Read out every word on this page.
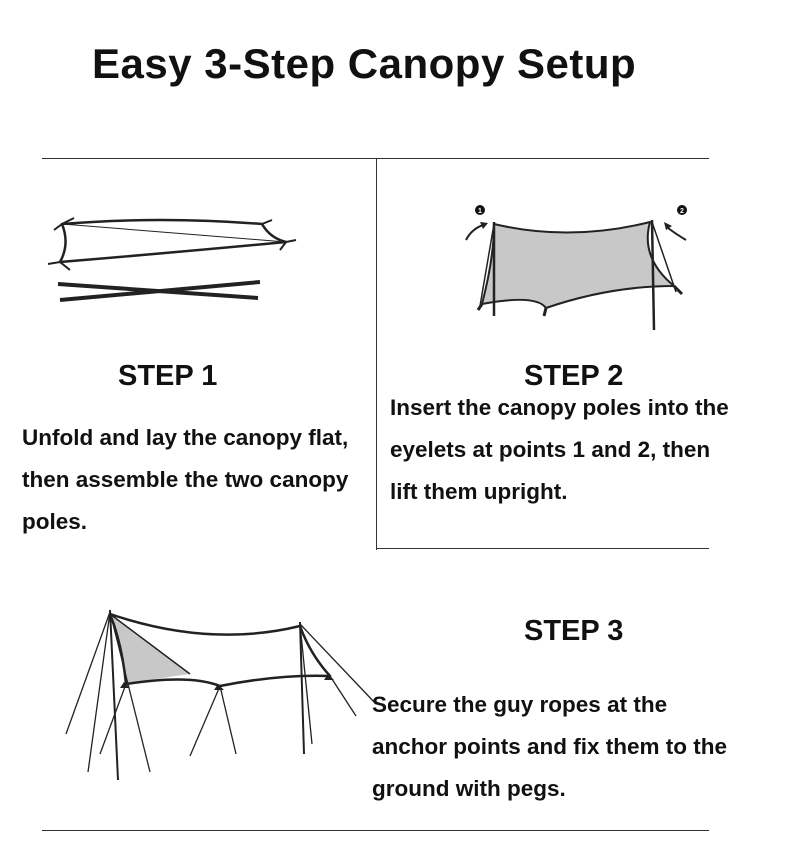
Easy 3-Step Canopy Setup
STEP 1
Unfold and lay the canopy flat, then assemble the two canopy poles.
1	2
STEP 2
Insert the canopy poles into the eyelets at points 1 and 2, then lift them upright.
STEP 3
Secure the guy ropes at the anchor points and fix them to the ground with pegs.
